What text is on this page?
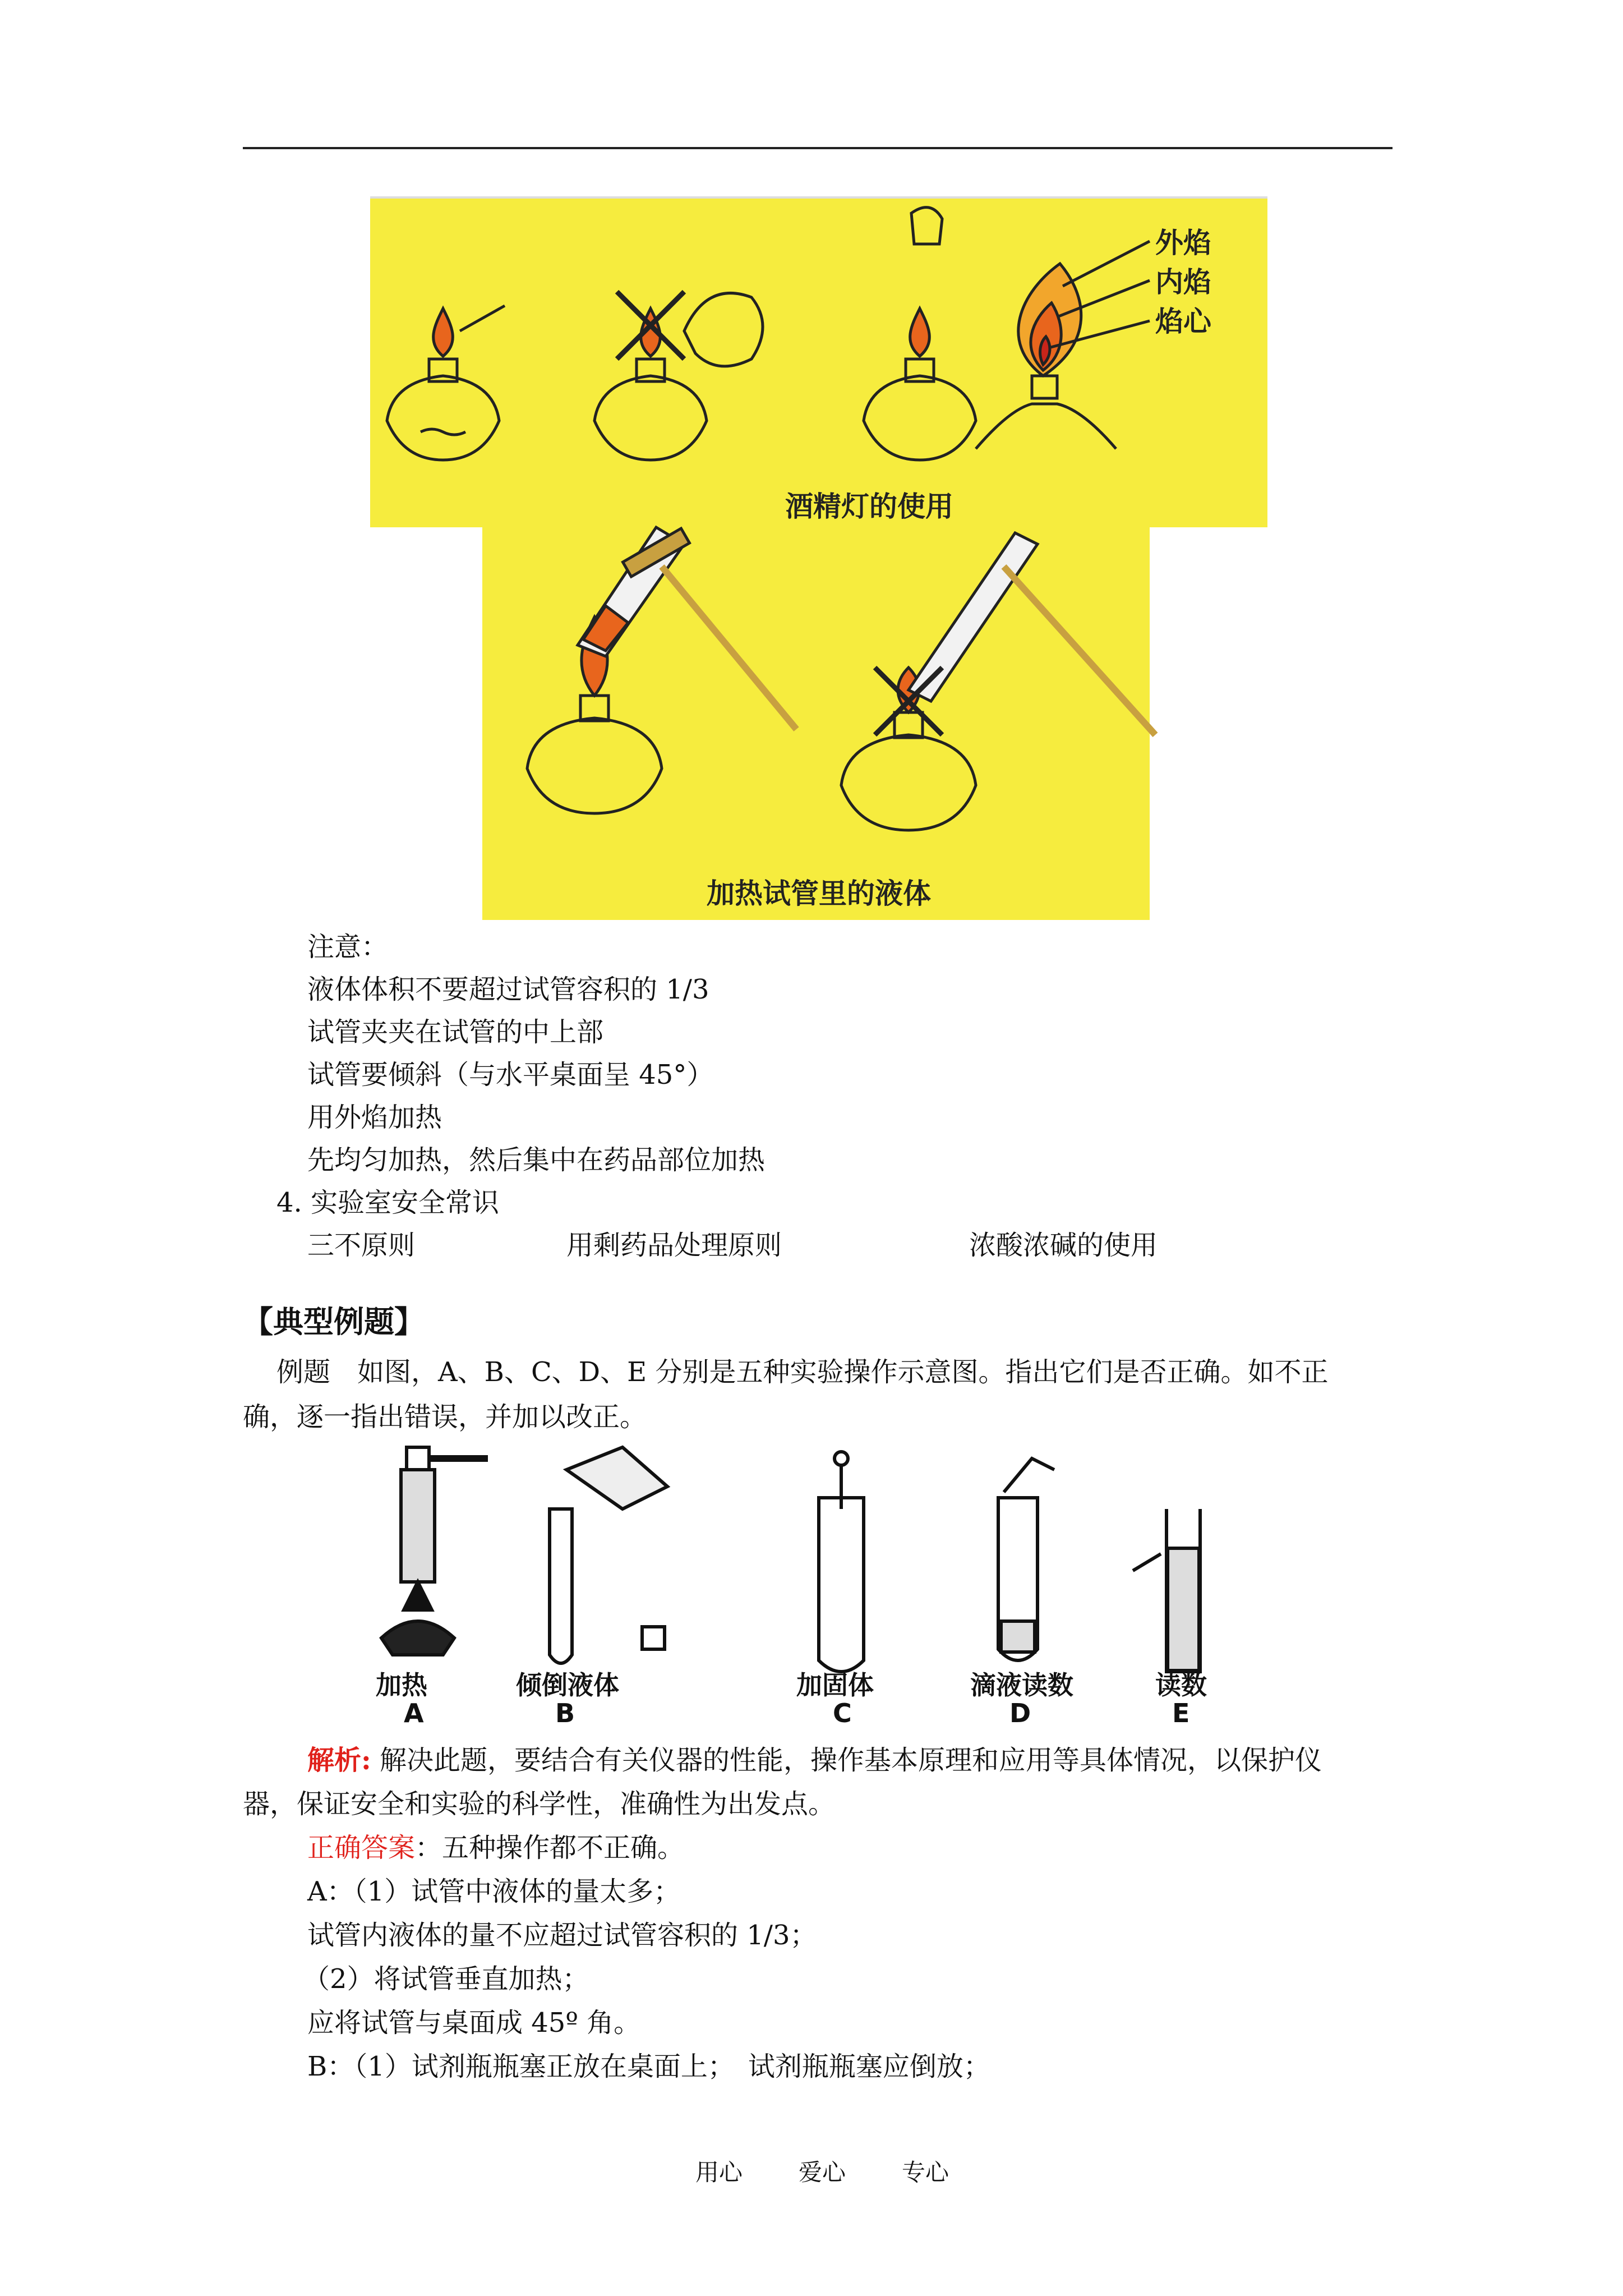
外焰
内焰
焰心
酒精灯的使用
加热试管里的液体
注意：
液体体积不要超过试管容积的 1/3
试管夹夹在试管的中上部
试管要倾斜（与水平桌面呈 45°）
用外焰加热
先均匀加热，然后集中在药品部位加热
4. 实验室安全常识
三不原则	用剩药品处理原则	浓酸浓碱的使用
【典型例题】
例题　如图，A、B、C、D、E 分别是五种实验操作示意图。指出它们是否正确。如不正
确，逐一指出错误，并加以改正。
加热
A
倾倒液体
B
加固体
C
滴液读数
D
读数
E
解析: 解决此题，要结合有关仪器的性能，操作基本原理和应用等具体情况，以保护仪
器，保证安全和实验的科学性，准确性为出发点。
正确答案：五种操作都不正确。
A：（1）试管中液体的量太多；
试管内液体的量不应超过试管容积的 1/3；
（2）将试管垂直加热；
应将试管与桌面成 45º 角。
B：（1）试剂瓶瓶塞正放在桌面上；　试剂瓶瓶塞应倒放；
用心 爱心 专心
